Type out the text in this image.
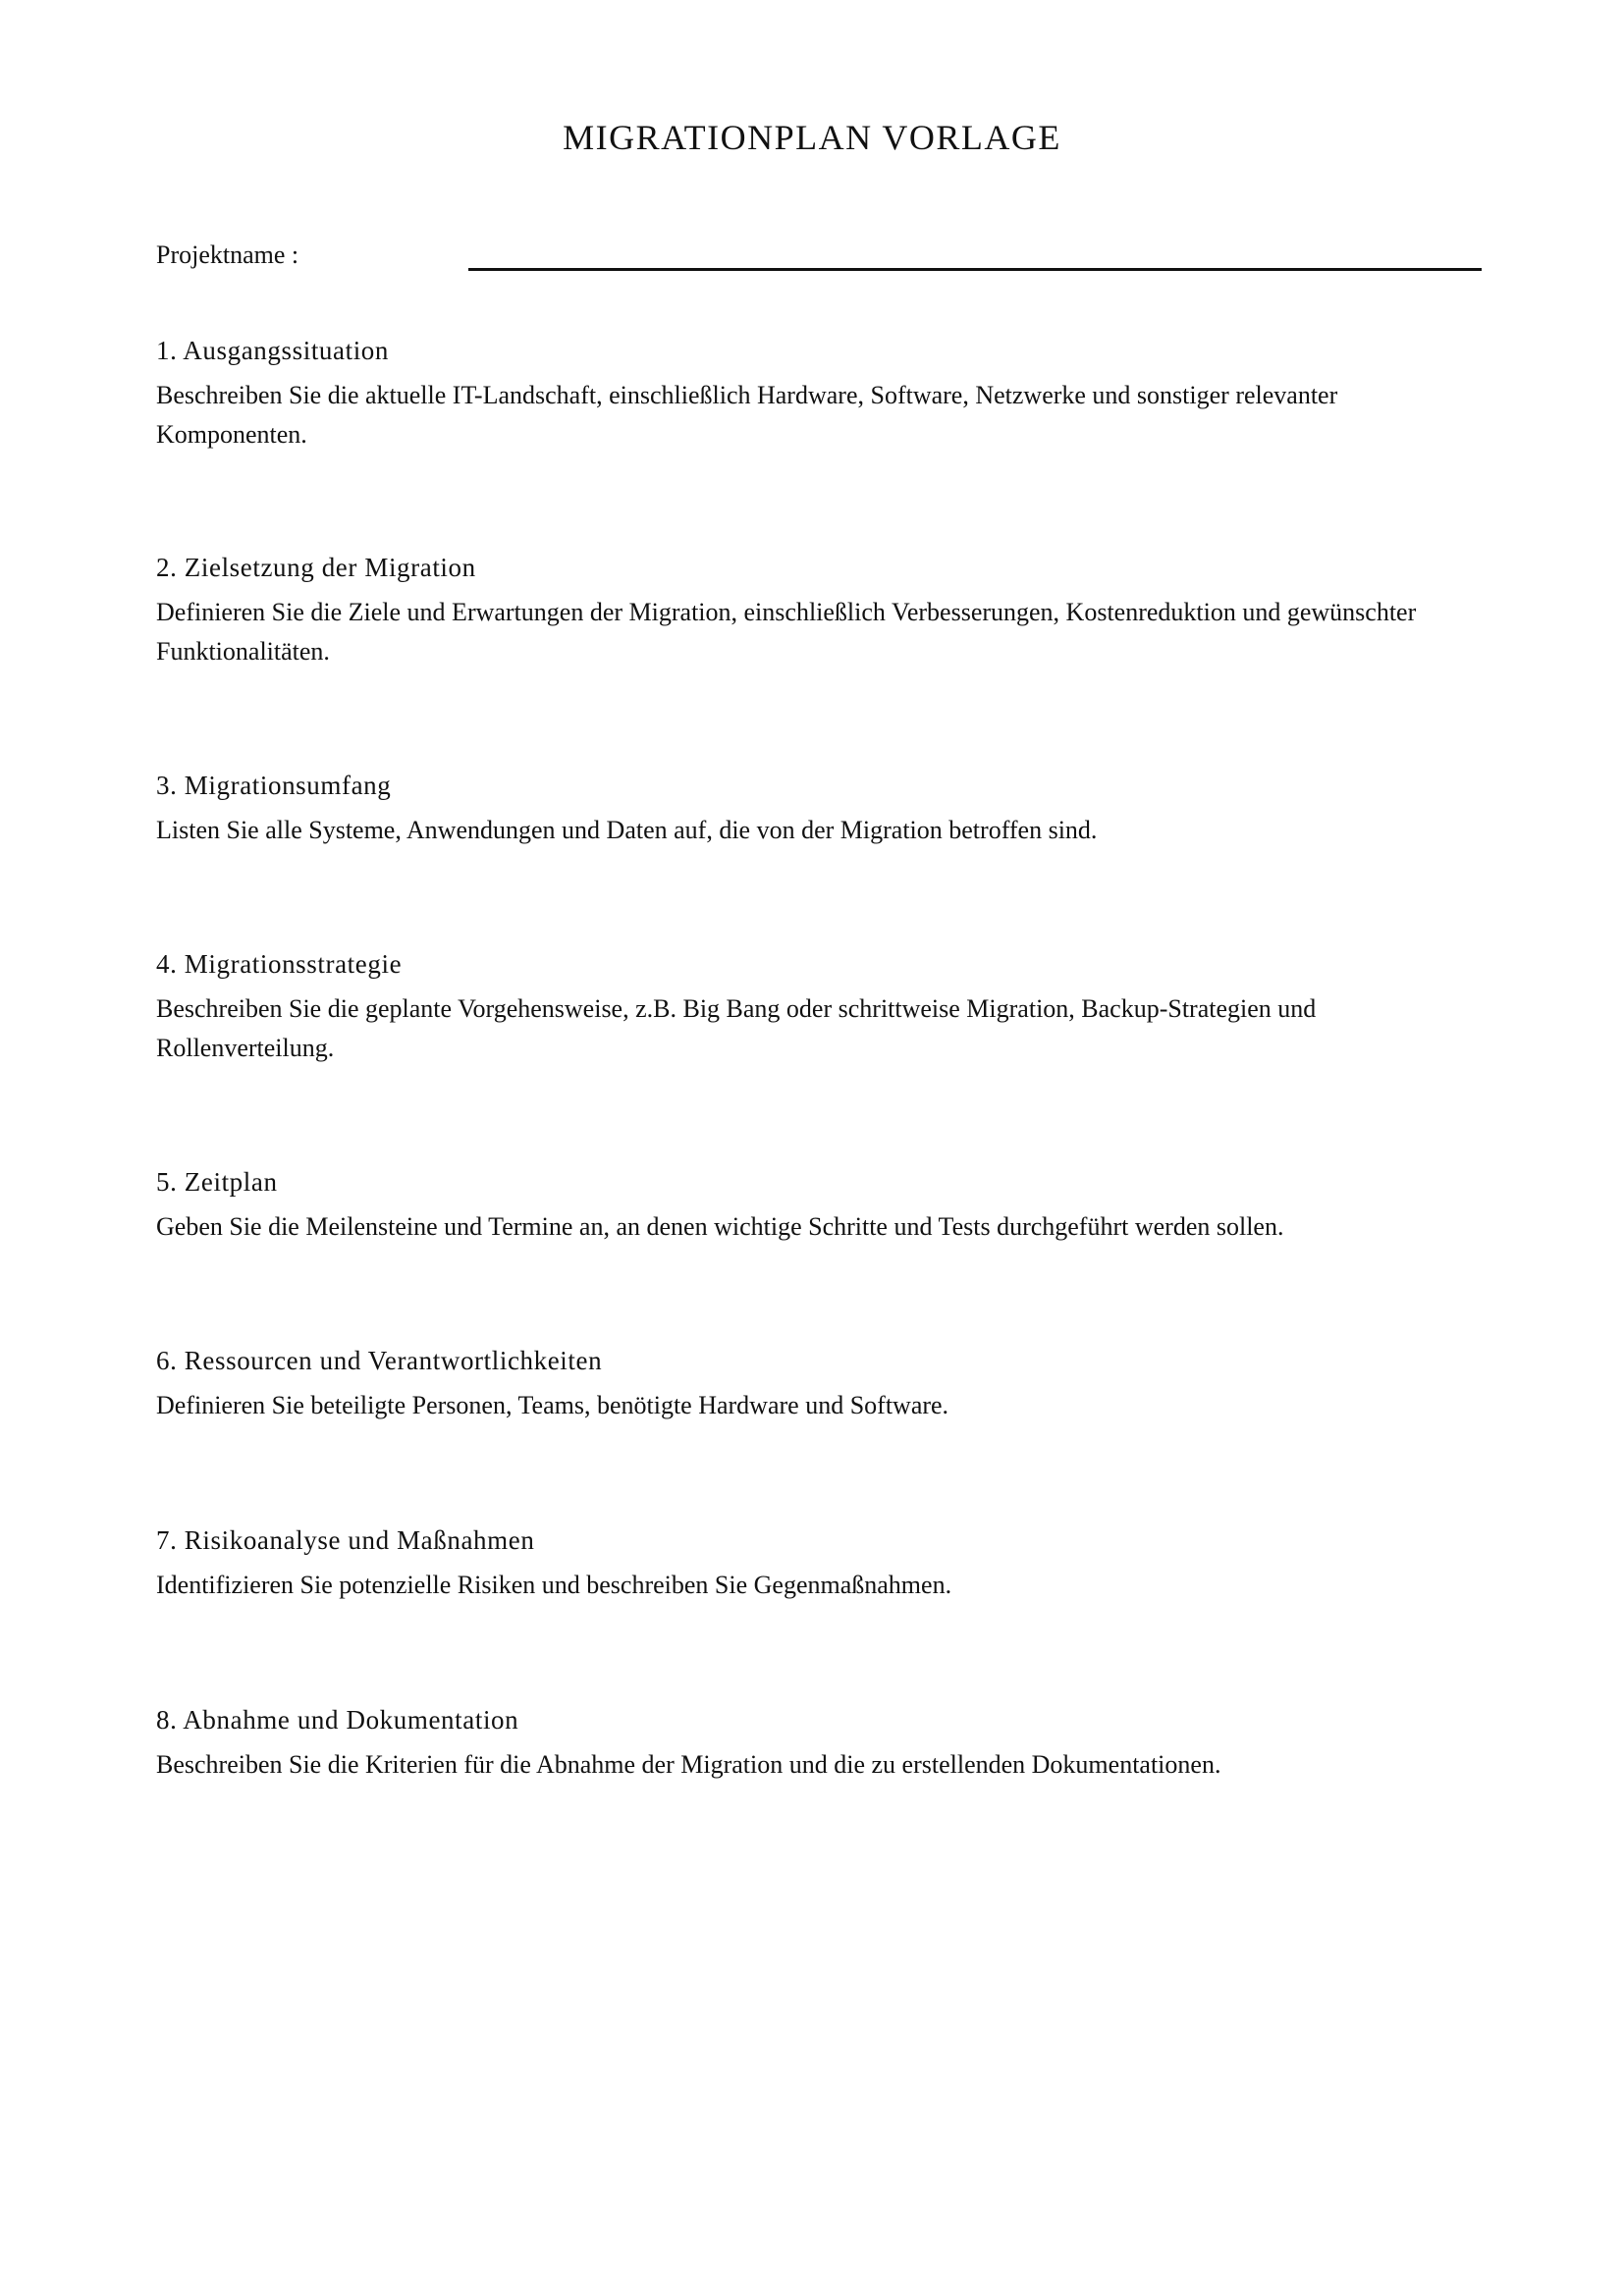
MIGRATIONPLAN VORLAGE
Projektname :
1. Ausgangssituation

Beschreiben Sie die aktuelle IT-Landschaft, einschließlich Hardware, Software, Netzwerke und sonstiger relevanter Komponenten.

2. Zielsetzung der Migration

Definieren Sie die Ziele und Erwartungen der Migration, einschließlich Verbesserungen, Kostenreduktion und gewünschter Funktionalitäten.

3. Migrationsumfang

Listen Sie alle Systeme, Anwendungen und Daten auf, die von der Migration betroffen sind.

4. Migrationsstrategie

Beschreiben Sie die geplante Vorgehensweise, z.B. Big Bang oder schrittweise Migration, Backup-Strategien und Rollenverteilung.

5. Zeitplan

Geben Sie die Meilensteine und Termine an, an denen wichtige Schritte und Tests durchgeführt werden sollen.

6. Ressourcen und Verantwortlichkeiten

Definieren Sie beteiligte Personen, Teams, benötigte Hardware und Software.

7. Risikoanalyse und Maßnahmen

Identifizieren Sie potenzielle Risiken und beschreiben Sie Gegenmaßnahmen.

8. Abnahme und Dokumentation

Beschreiben Sie die Kriterien für die Abnahme der Migration und die zu erstellenden Dokumentationen.
